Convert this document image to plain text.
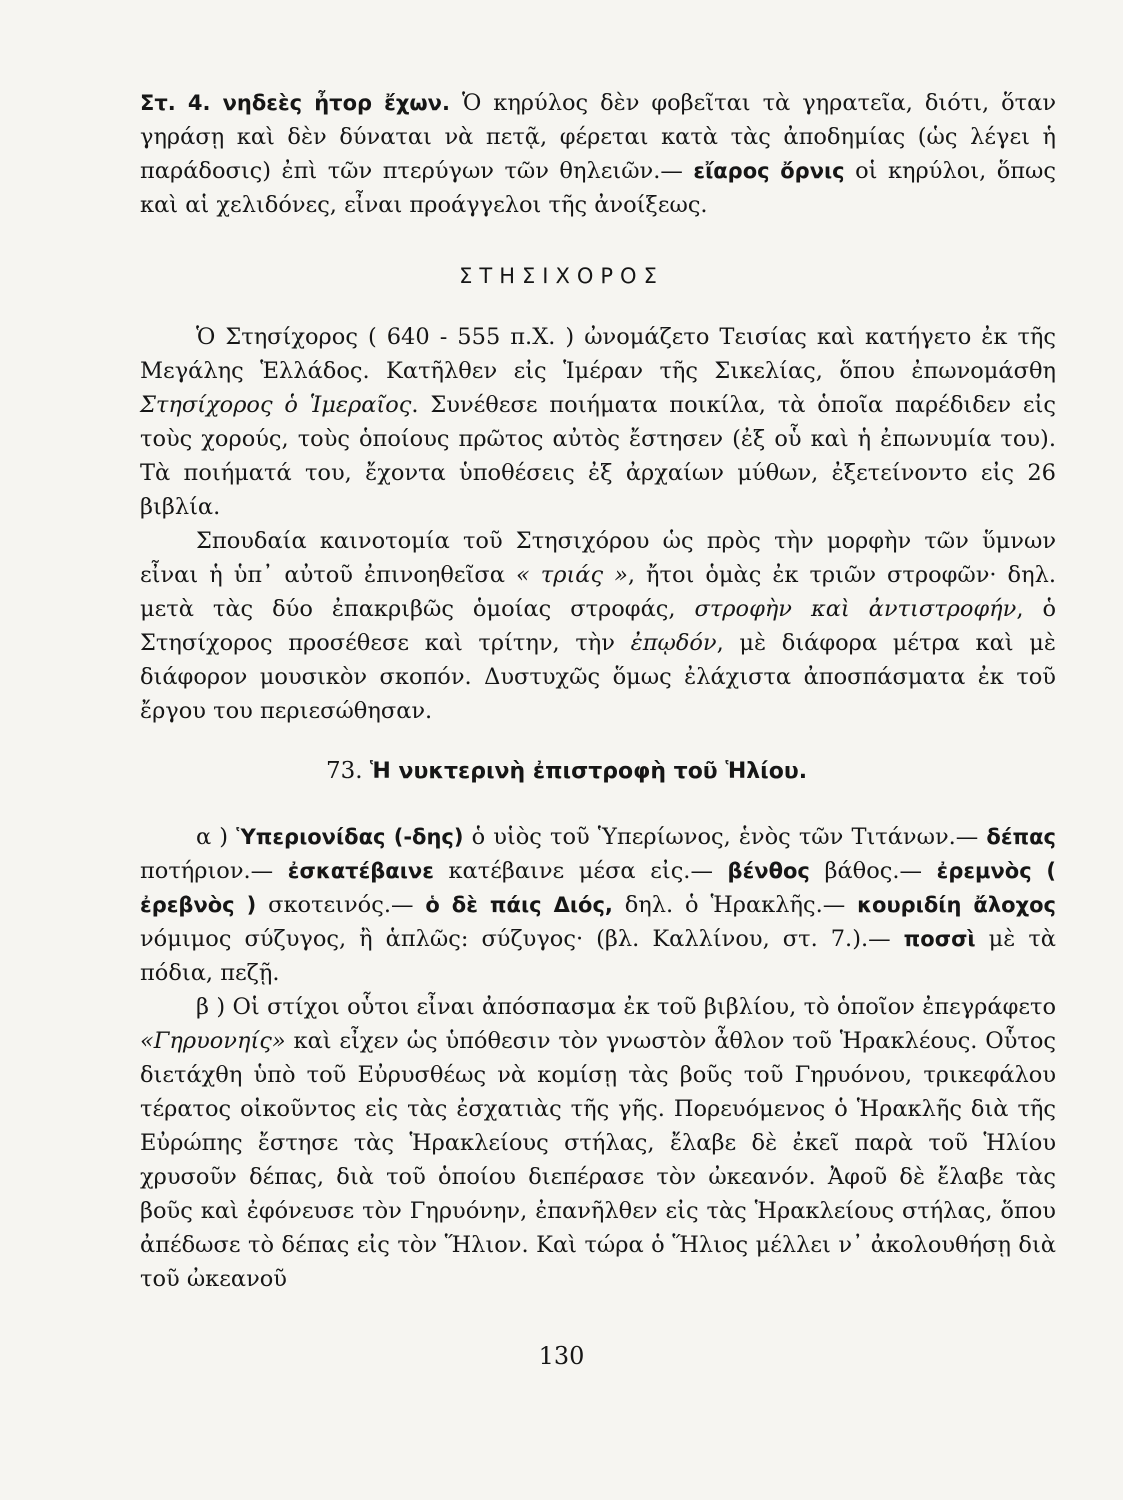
Στ. 4. νηδεὲς ἦτορ ἔχων. Ὁ κηρύλος δὲν φοβεῖται τὰ γηρατεῖα, διότι, ὅταν γηράσῃ καὶ δὲν δύναται νὰ πετᾷ, φέρεται κατὰ τὰς ἀποδημίας (ὡς λέγει ἡ παράδοσις) ἐπὶ τῶν πτερύγων τῶν θηλειῶν.— εἴαρος ὄρνις οἱ κηρύλοι, ὅπως καὶ αἱ χελιδόνες, εἶναι προάγγελοι τῆς ἀνοίξεως.

ΣΤΗΣΙΧΟΡΟΣ

Ὁ Στησίχορος ( 640 - 555 π.Χ. ) ὠνομάζετο Τεισίας καὶ κατήγετο ἐκ τῆς Μεγάλης Ἑλλάδος. Κατῆλθεν εἰς Ἱμέραν τῆς Σικελίας, ὅπου ἐπωνομάσθη Στησίχορος ὁ Ἱμεραῖος. Συνέθεσε ποιήματα ποικίλα, τὰ ὁποῖα παρέδιδεν εἰς τοὺς χορούς, τοὺς ὁποίους πρῶτος αὐτὸς ἔστησεν (ἐξ οὗ καὶ ἡ ἐπωνυμία του). Τὰ ποιήματά του, ἔχοντα ὑποθέσεις ἐξ ἀρχαίων μύθων, ἐξετείνοντο εἰς 26 βιβλία.

Σπουδαία καινοτομία τοῦ Στησιχόρου ὡς πρὸς τὴν μορφὴν τῶν ὕμνων εἶναι ἡ ὑπ᾽ αὐτοῦ ἐπινοηθεῖσα « τριάς », ἤτοι ὁμὰς ἐκ τριῶν στροφῶν· δηλ. μετὰ τὰς δύο ἐπακριβῶς ὁμοίας στροφάς, στροφὴν καὶ ἀντιστροφήν, ὁ Στησίχορος προσέθεσε καὶ τρίτην, τὴν ἐπῳδόν, μὲ διάφορα μέτρα καὶ μὲ διάφορον μουσικὸν σκοπόν. Δυστυχῶς ὅμως ἐλάχιστα ἀποσπάσματα ἐκ τοῦ ἔργου του περιεσώθησαν.

73. Ἡ νυκτερινὴ ἐπιστροφὴ τοῦ Ἡλίου.

α ) Ὑπεριονίδας (-δης) ὁ υἱὸς τοῦ Ὑπερίωνος, ἑνὸς τῶν Τιτάνων.— δέπας ποτήριον.— ἐσκατέβαινε κατέβαινε μέσα εἰς.— βένθος βάθος.— ἐρεμνὸς ( ἐρεβνὸς ) σκοτεινός.— ὁ δὲ πάις Διός, δηλ. ὁ Ἡρακλῆς.— κουριδίη ἄλοχος νόμιμος σύζυγος, ἢ ἁπλῶς: σύζυγος· (βλ. Καλλίνου, στ. 7.).— ποσσὶ μὲ τὰ πόδια, πεζῇ.

β ) Οἱ στίχοι οὗτοι εἶναι ἀπόσπασμα ἐκ τοῦ βιβλίου, τὸ ὁποῖον ἐπεγράφετο «Γηρυονηίς» καὶ εἶχεν ὡς ὑπόθεσιν τὸν γνωστὸν ἆθλον τοῦ Ἡρακλέους. Οὗτος διετάχθη ὑπὸ τοῦ Εὐρυσθέως νὰ κομίσῃ τὰς βοῦς τοῦ Γηρυόνου, τρικεφάλου τέρατος οἰκοῦντος εἰς τὰς ἐσχατιὰς τῆς γῆς. Πορευόμενος ὁ Ἡρακλῆς διὰ τῆς Εὐρώπης ἔστησε τὰς Ἡρακλείους στήλας, ἔλαβε δὲ ἐκεῖ παρὰ τοῦ Ἡλίου χρυσοῦν δέπας, διὰ τοῦ ὁποίου διεπέρασε τὸν ὠκεανόν. Ἀφοῦ δὲ ἔλαβε τὰς βοῦς καὶ ἐφόνευσε τὸν Γηρυόνην, ἐπανῆλθεν εἰς τὰς Ἡρακλείους στήλας, ὅπου ἀπέδωσε τὸ δέπας εἰς τὸν Ἥλιον. Καὶ τώρα ὁ Ἥλιος μέλλει ν᾽ ἀκολουθήσῃ διὰ τοῦ ὠκεανοῦ

130
